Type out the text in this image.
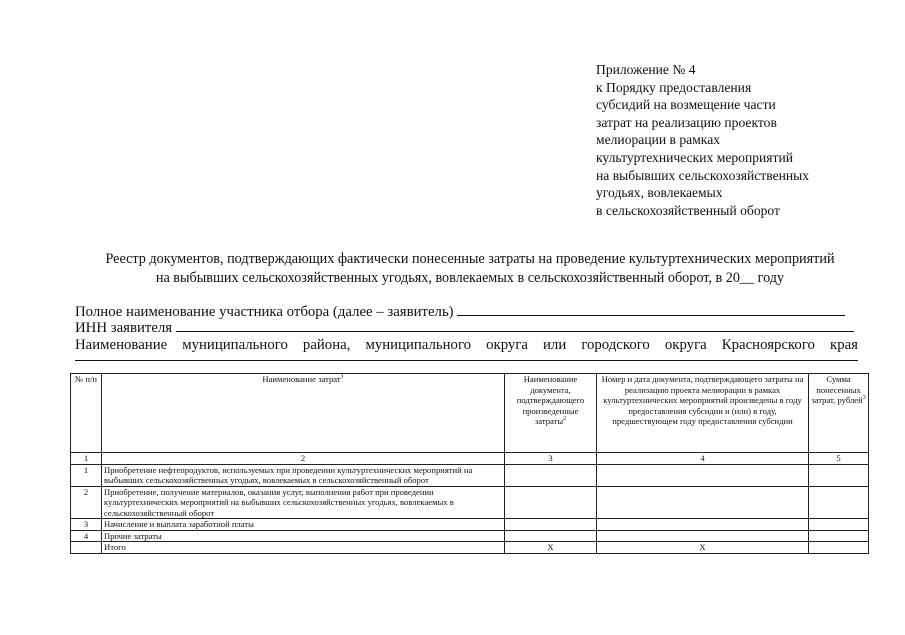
Приложение № 4
к Порядку предоставления
субсидий на возмещение части
затрат на реализацию проектов
мелиорации в рамках
культуртехнических мероприятий
на выбывших сельскохозяйственных
угодьях, вовлекаемых
в сельскохозяйственный оборот
Реестр документов, подтверждающих фактически понесенные затраты на проведение культуртехнических мероприятий
на выбывших сельскохозяйственных угодьях, вовлекаемых в сельскохозяйственный оборот, в 20__ году
Полное наименование участника отбора (далее – заявитель)
ИНН заявителя
Наименование муниципального района, муниципального округа или городского округа Красноярского края
№ п/п	Наименование затрат$^1$	Наименование документа, подтверждающего произведенные затраты$^2$	Номер и дата документа, подтверждающего затраты на реализацию проекта мелиорации в рамках культуртехнических мероприятий произведены в году предоставления субсидии и (или) в году, предшествующем году предоставления субсидии	Сумма понесенных затрат, рублей$^3$
1	2	3	4	5
1	Приобретение нефтепродуктов, используемых при проведении культуртехнических мероприятий на выбывших сельскохозяйственных угодьях, вовлекаемых в сельскохозяйственный оборот			
2	Приобретение, получение материалов, оказания услуг, выполнения работ при проведении культуртехнических мероприятий на выбывших сельскохозяйственных угодьях, вовлекаемых в сельскохозяйственный оборот			
3	Начисление и выплата заработной платы			
4	Прочие затраты			
	Итого	Х	Х	
